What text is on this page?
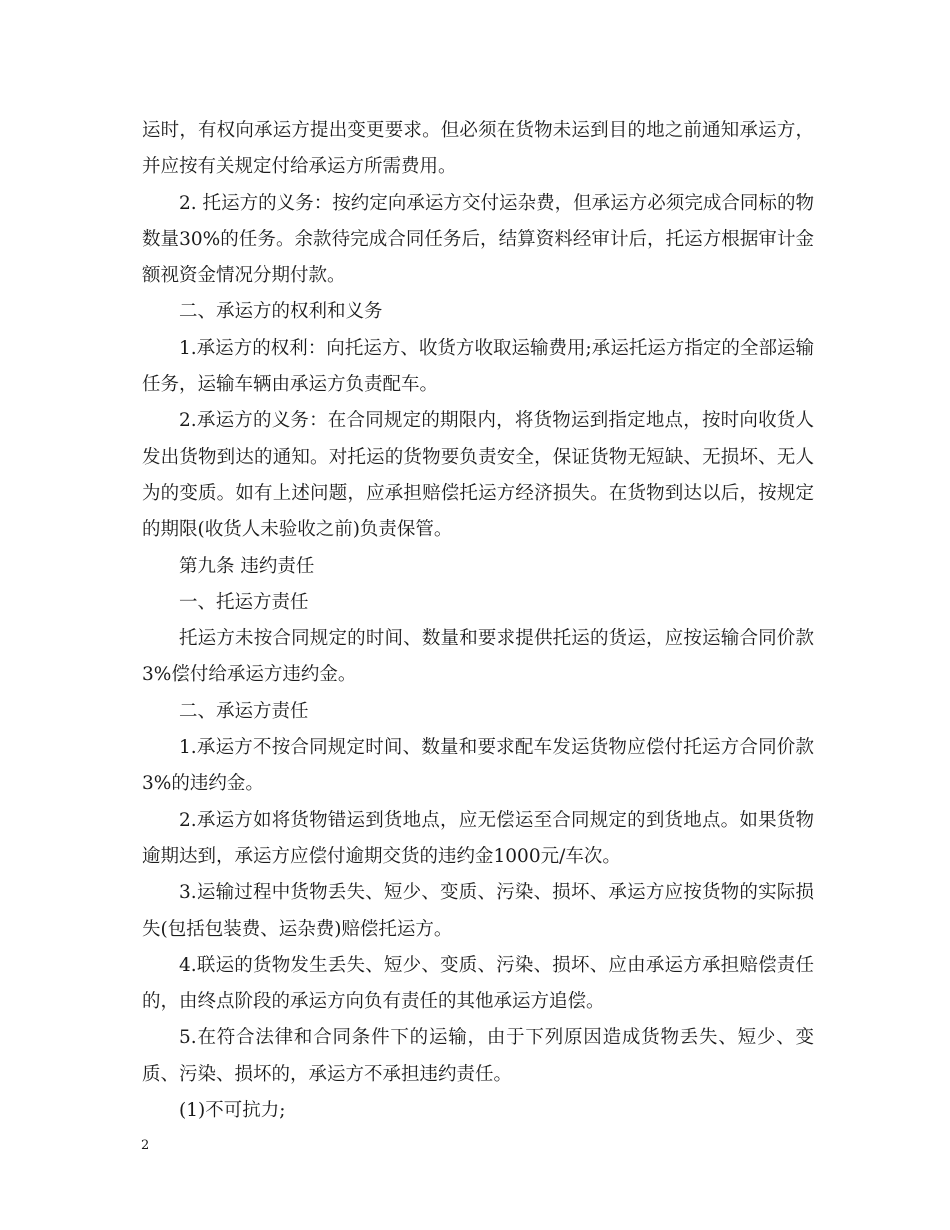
运时，有权向承运方提出变更要求。但必须在货物未运到目的地之前通知承运方，并应按有关规定付给承运方所需费用。

2. 托运方的义务：按约定向承运方交付运杂费，但承运方必须完成合同标的物数量30%的任务。余款待完成合同任务后，结算资料经审计后，托运方根据审计金额视资金情况分期付款。

二、承运方的权利和义务

1.承运方的权利：向托运方、收货方收取运输费用;承运托运方指定的全部运输任务，运输车辆由承运方负责配车。

2.承运方的义务：在合同规定的期限内，将货物运到指定地点，按时向收货人发出货物到达的通知。对托运的货物要负责安全，保证货物无短缺、无损坏、无人为的变质。如有上述问题，应承担赔偿托运方经济损失。在货物到达以后，按规定的期限(收货人未验收之前)负责保管。

第九条 违约责任

一、托运方责任

托运方未按合同规定的时间、数量和要求提供托运的货运，应按运输合同价款3%偿付给承运方违约金。

二、承运方责任

1.承运方不按合同规定时间、数量和要求配车发运货物应偿付托运方合同价款3%的违约金。

2.承运方如将货物错运到货地点，应无偿运至合同规定的到货地点。如果货物逾期达到，承运方应偿付逾期交货的违约金1000元/车次。

3.运输过程中货物丢失、短少、变质、污染、损坏、承运方应按货物的实际损失(包括包装费、运杂费)赔偿托运方。

4.联运的货物发生丢失、短少、变质、污染、损坏、应由承运方承担赔偿责任的，由终点阶段的承运方向负有责任的其他承运方追偿。

5.在符合法律和合同条件下的运输，由于下列原因造成货物丢失、短少、变质、污染、损坏的，承运方不承担违约责任。

(1)不可抗力;

2
